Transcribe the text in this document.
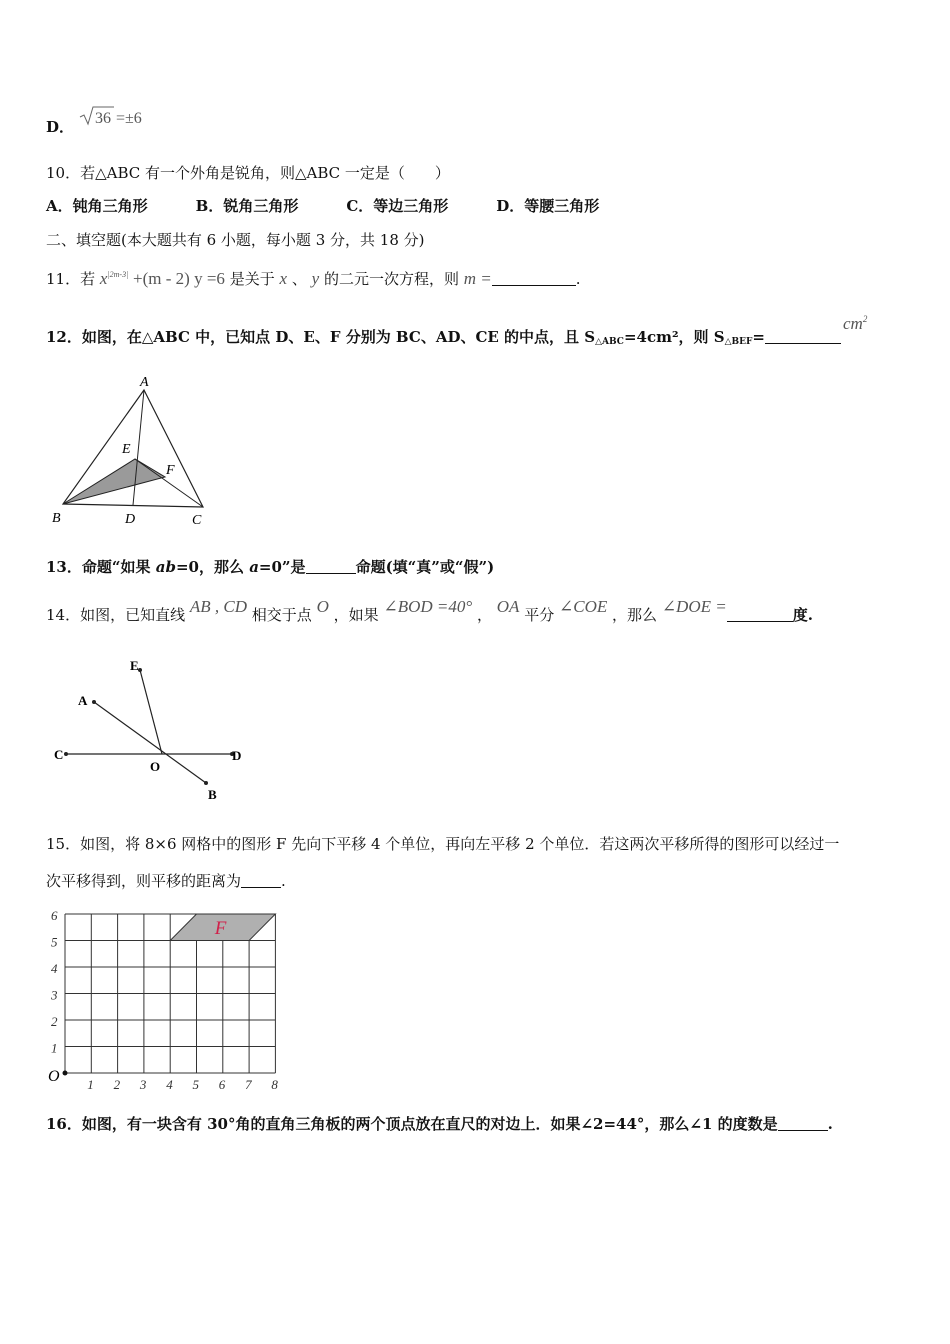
D． 36 =±6
10．若△ABC 有一个外角是锐角，则△ABC 一定是（　　）
A．钝角三角形	B．锐角三角形	C．等边三角形	D．等腰三角形
二、填空题(本大题共有 6 小题，每小题 3 分，共 18 分)
11．若 $x^{|2m-3|} +(m - 2)$ y =6 是关于 x 、 y 的二元一次方程，则 m =	.
12．如图，在△ABC 中，已知点 D、E、F 分别为 BC、AD、CE 的中点，且 $S_{\triangle ABC}=4cm^2$，则 $S_{\triangle BEF}=$
$cm^2$
A
B	C
D
E
F
13．命题“如果 ab=0，那么 a=0”是	命题(填“真”或“假”)
14．如图，已知直线 AB , CD 相交于点 O ，如果 ∠BOD =40° ， OA 平分 ∠COE ，那么 ∠DOE =	度.
A
B
C	D
E
O
15．如图，将 8×6 网格中的图形 F 先向下平移 4 个单位，再向左平移 2 个单位．若这两次平移所得的图形可以经过一
次平移得到，则平移的距离为	.
F
6
5
4
3
2
1
1 2 3 4 5 6 7 8
O
16．如图，有一块含有 30°角的直角三角板的两个顶点放在直尺的对边上．如果∠2=44°，那么∠1 的度数是	.
